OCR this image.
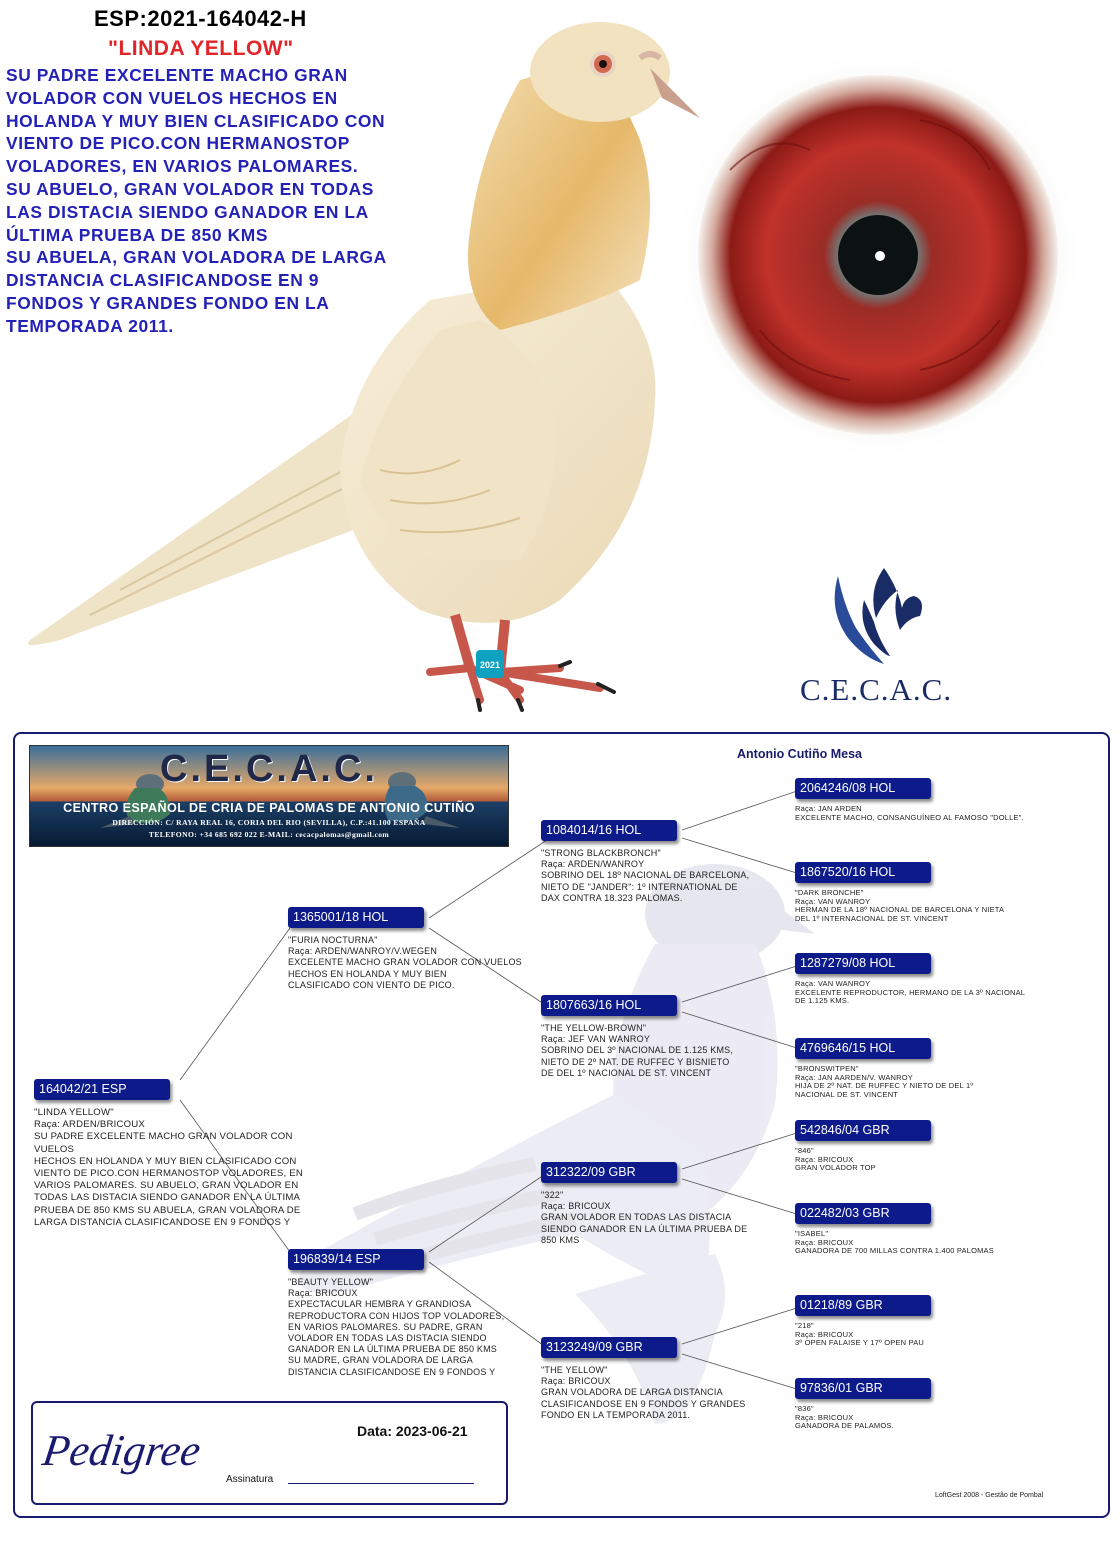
2021
ESP:2021-164042-H
"LINDA YELLOW"
SU PADRE EXCELENTE MACHO GRAN
VOLADOR CON VUELOS HECHOS EN
HOLANDA Y MUY BIEN CLASIFICADO CON
VIENTO DE PICO.CON HERMANOSTOP
VOLADORES, EN VARIOS PALOMARES.
SU ABUELO, GRAN VOLADOR EN TODAS
LAS DISTACIA SIENDO GANADOR EN LA
ÚLTIMA PRUEBA DE 850 KMS
SU ABUELA, GRAN VOLADORA DE LARGA
DISTANCIA CLASIFICANDOSE EN 9
FONDOS Y GRANDES FONDO EN LA
TEMPORADA 2011.
C.E.C.A.C.
C.E.C.A.C.
CENTRO ESPAÑOL DE CRIA DE PALOMAS DE ANTONIO CUTIÑO
DIRECCIÓN: C/ RAYA REAL 16, CORIA DEL RIO (SEVILLA), C.P.:41.100 ESPAÑA
TELEFONO: +34 685 692 022 E-MAIL: cecacpalomas@gmail.com
Antonio Cutiño Mesa
164042/21 ESP
"LINDA YELLOW"
Raça: ARDEN/BRICOUX
SU PADRE EXCELENTE MACHO GRAN VOLADOR CON VUELOS
HECHOS EN HOLANDA Y MUY BIEN CLASIFICADO CON
VIENTO DE PICO.CON HERMANOSTOP VOLADORES, EN
VARIOS PALOMARES. SU ABUELO, GRAN VOLADOR EN
TODAS LAS DISTACIA SIENDO GANADOR EN LA ÚLTIMA
PRUEBA DE 850 KMS SU ABUELA, GRAN VOLADORA DE
LARGA DISTANCIA CLASIFICANDOSE EN 9 FONDOS Y
1365001/18 HOL
"FURIA NOCTURNA"
Raça: ARDEN/WANROY/V.WEGEN
EXCELENTE MACHO GRAN VOLADOR CON VUELOS
HECHOS EN HOLANDA Y MUY BIEN
CLASIFICADO CON VIENTO DE PICO.
196839/14 ESP
"BEAUTY YELLOW"
Raça: BRICOUX
EXPECTACULAR HEMBRA Y GRANDIOSA
REPRODUCTORA CON HIJOS TOP VOLADORES,
EN VARIOS PALOMARES. SU PADRE, GRAN
VOLADOR EN TODAS LAS DISTACIA SIENDO
GANADOR EN LA ÚLTIMA PRUEBA DE 850 KMS
SU MADRE, GRAN VOLADORA DE LARGA
DISTANCIA CLASIFICANDOSE EN 9 FONDOS Y
1084014/16 HOL
"STRONG BLACKBRONCH"
Raça: ARDEN/WANROY
SOBRINO DEL 18º NACIONAL DE BARCELONA,
NIETO DE "JANDER": 1º INTERNATIONAL DE
DAX CONTRA 18.323 PALOMAS.
1807663/16 HOL
"THE YELLOW-BROWN"
Raça: JEF VAN WANROY
SOBRINO DEL 3º NACIONAL DE 1.125 KMS,
NIETO DE 2º NAT. DE RUFFEC Y BISNIETO
DE DEL 1º NACIONAL DE ST. VINCENT
312322/09 GBR
"322"
Raça: BRICOUX
GRAN VOLADOR EN TODAS LAS DISTACIA
SIENDO GANADOR EN LA ÚLTIMA PRUEBA DE
850 KMS
3123249/09 GBR
"THE YELLOW"
Raça: BRICOUX
GRAN VOLADORA DE LARGA DISTANCIA
CLASIFICANDOSE EN 9 FONDOS Y GRANDES
FONDO EN LA TEMPORADA 2011.
2064246/08 HOL
Raça: JAN ARDEN
EXCELENTE MACHO, CONSANGUÍNEO AL FAMOSO "DOLLE".
1867520/16 HOL
"DARK BRONCHE"
Raça: VAN WANROY
HERMAN DE LA 18º NACIONAL DE BARCELONA Y NIETA
DEL 1º INTERNACIONAL DE ST. VINCENT
1287279/08 HOL
Raça: VAN WANROY
EXCELENTE REPRODUCTOR, HERMANO DE LA 3º NACIONAL
DE 1.125 KMS.
4769646/15 HOL
"BRONSWITPEN"
Raça: JAN AARDEN/V. WANROY
HIJA DE 2º NAT. DE RUFFEC Y NIETO DE DEL 1º
NACIONAL DE ST. VINCENT
542846/04 GBR
"846"
Raça: BRICOUX
GRAN VOLADOR TOP
022482/03 GBR
"ISABEL"
Raça: BRICOUX
GANADORA DE 700 MILLAS CONTRA 1.400 PALOMAS
01218/89 GBR
"218"
Raça: BRICOUX
3º OPEN FALAISE Y 17º OPEN PAU
97836/01 GBR
"836"
Raça: BRICOUX
GANADORA DE PALAMOS.
Pedigree	Data: 2023-06-21
Assinatura
LoftGest 2008 - Gestão de Pombal
